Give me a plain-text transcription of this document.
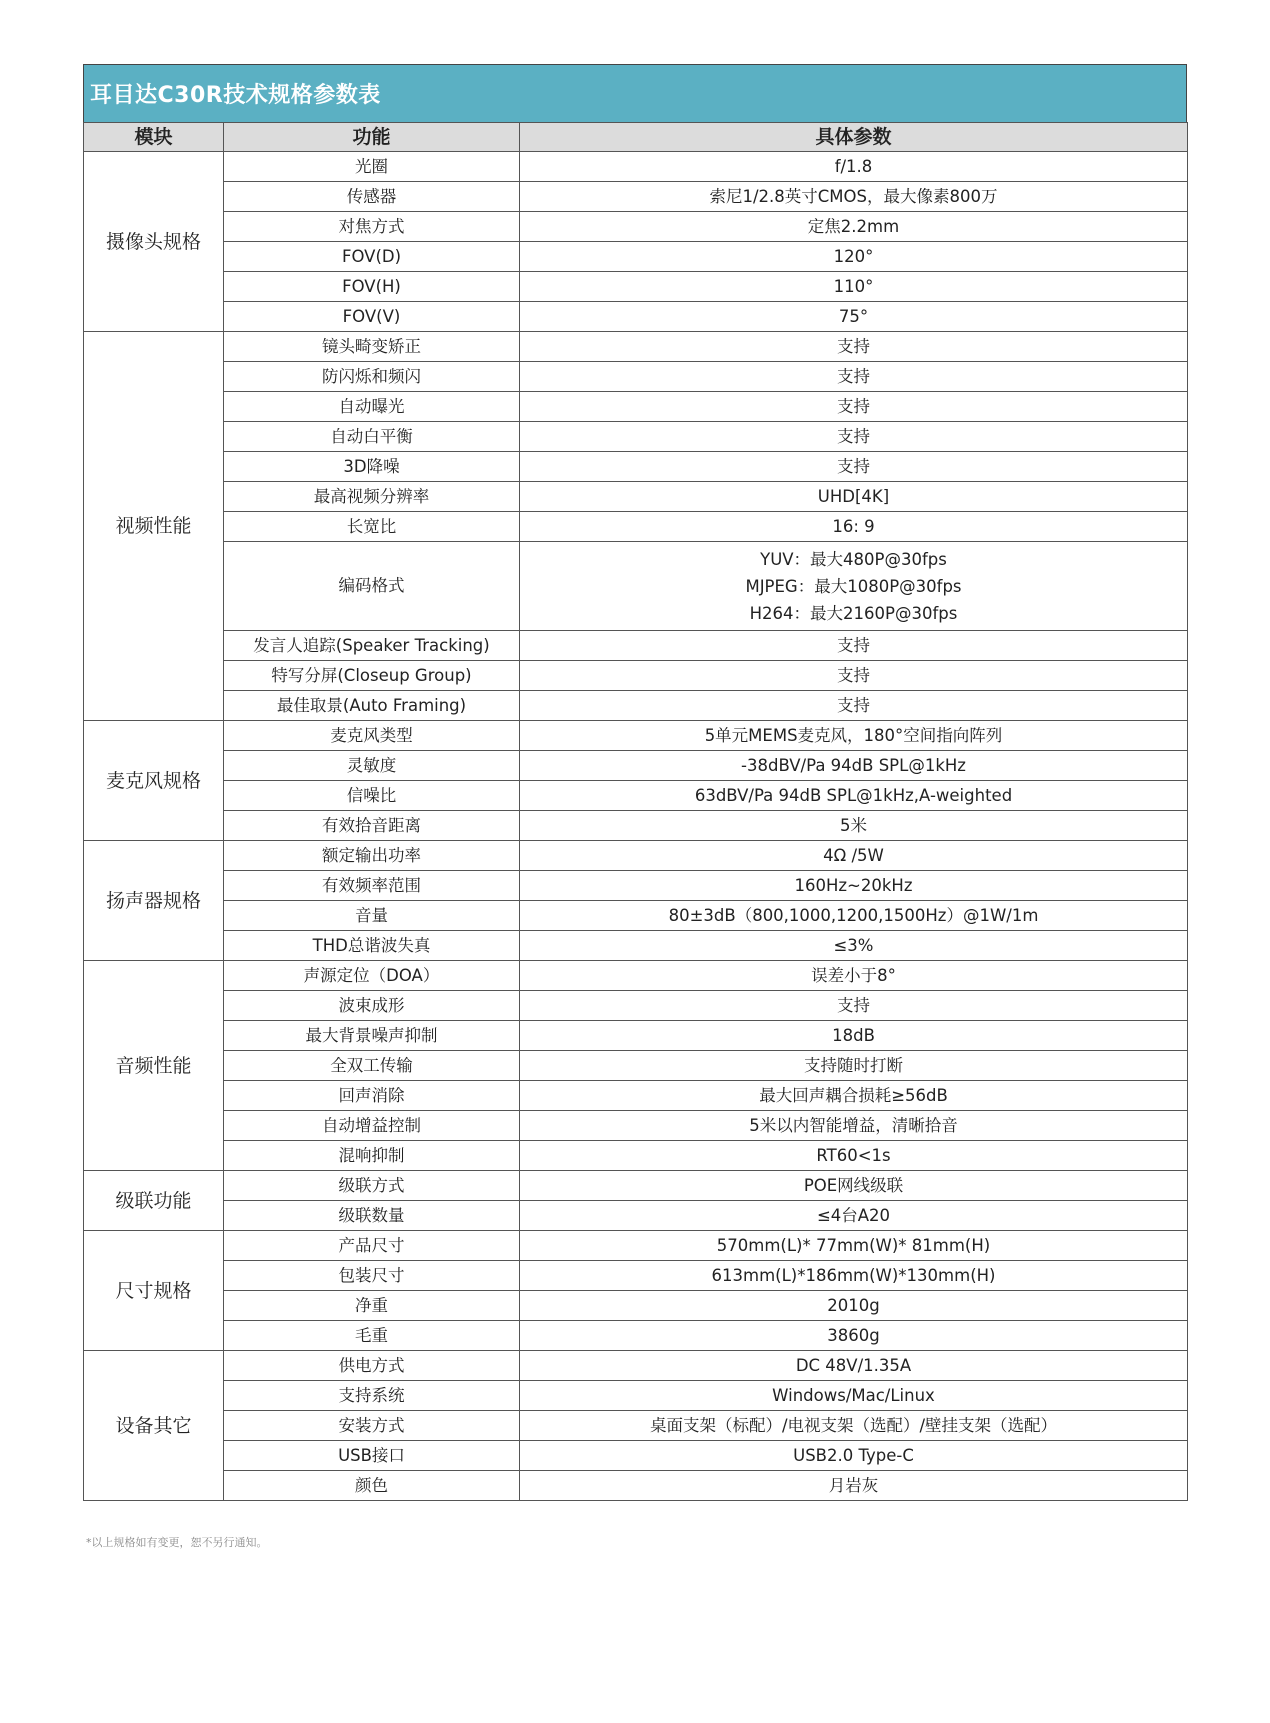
耳目达C30R技术规格参数表
模块	功能	具体参数
摄像头规格	光圈	f/1.8
	传感器	索尼1/2.8英寸CMOS，最大像素800万
	对焦方式	定焦2.2mm
	FOV(D)	120°
	FOV(H)	110°
	FOV(V)	75°
视频性能	镜头畸变矫正	支持
	防闪烁和频闪	支持
	自动曝光	支持
	自动白平衡	支持
	3D降噪	支持
	最高视频分辨率	UHD[4K]
	长宽比	16: 9
	编码格式	YUV：最大480P@30fps
MJPEG：最大1080P@30fps
H264：最大2160P@30fps

	发言人追踪(Speaker Tracking)	支持
	特写分屏(Closeup Group)	支持
	最佳取景(Auto Framing)	支持
麦克风规格	麦克风类型	5单元MEMS麦克风，180°空间指向阵列
	灵敏度	-38dBV/Pa 94dB SPL@1kHz
	信噪比	63dBV/Pa 94dB SPL@1kHz,A-weighted
	有效拾音距离	5米
扬声器规格	额定输出功率	4Ω /5W
	有效频率范围	160Hz~20kHz
	音量	80±3dB（800,1000,1200,1500Hz）@1W/1m
	THD总谐波失真	≤3%
音频性能	声源定位（DOA）	误差小于8°
	波束成形	支持
	最大背景噪声抑制	18dB
	全双工传输	支持随时打断
	回声消除	最大回声耦合损耗≥56dB
	自动增益控制	5米以内智能增益，清晰拾音
	混响抑制	RT60<1s
级联功能	级联方式	POE网线级联
	级联数量	≤4台A20
尺寸规格	产品尺寸	570mm(L)* 77mm(W)* 81mm(H)
	包装尺寸	613mm(L)*186mm(W)*130mm(H)
	净重	2010g
	毛重	3860g
设备其它	供电方式	DC 48V/1.35A
	支持系统	Windows/Mac/Linux
	安装方式	桌面支架（标配）/电视支架（选配）/壁挂支架（选配）
	USB接口	USB2.0 Type-C
	颜色	月岩灰
*以上规格如有变更，恕不另行通知。
